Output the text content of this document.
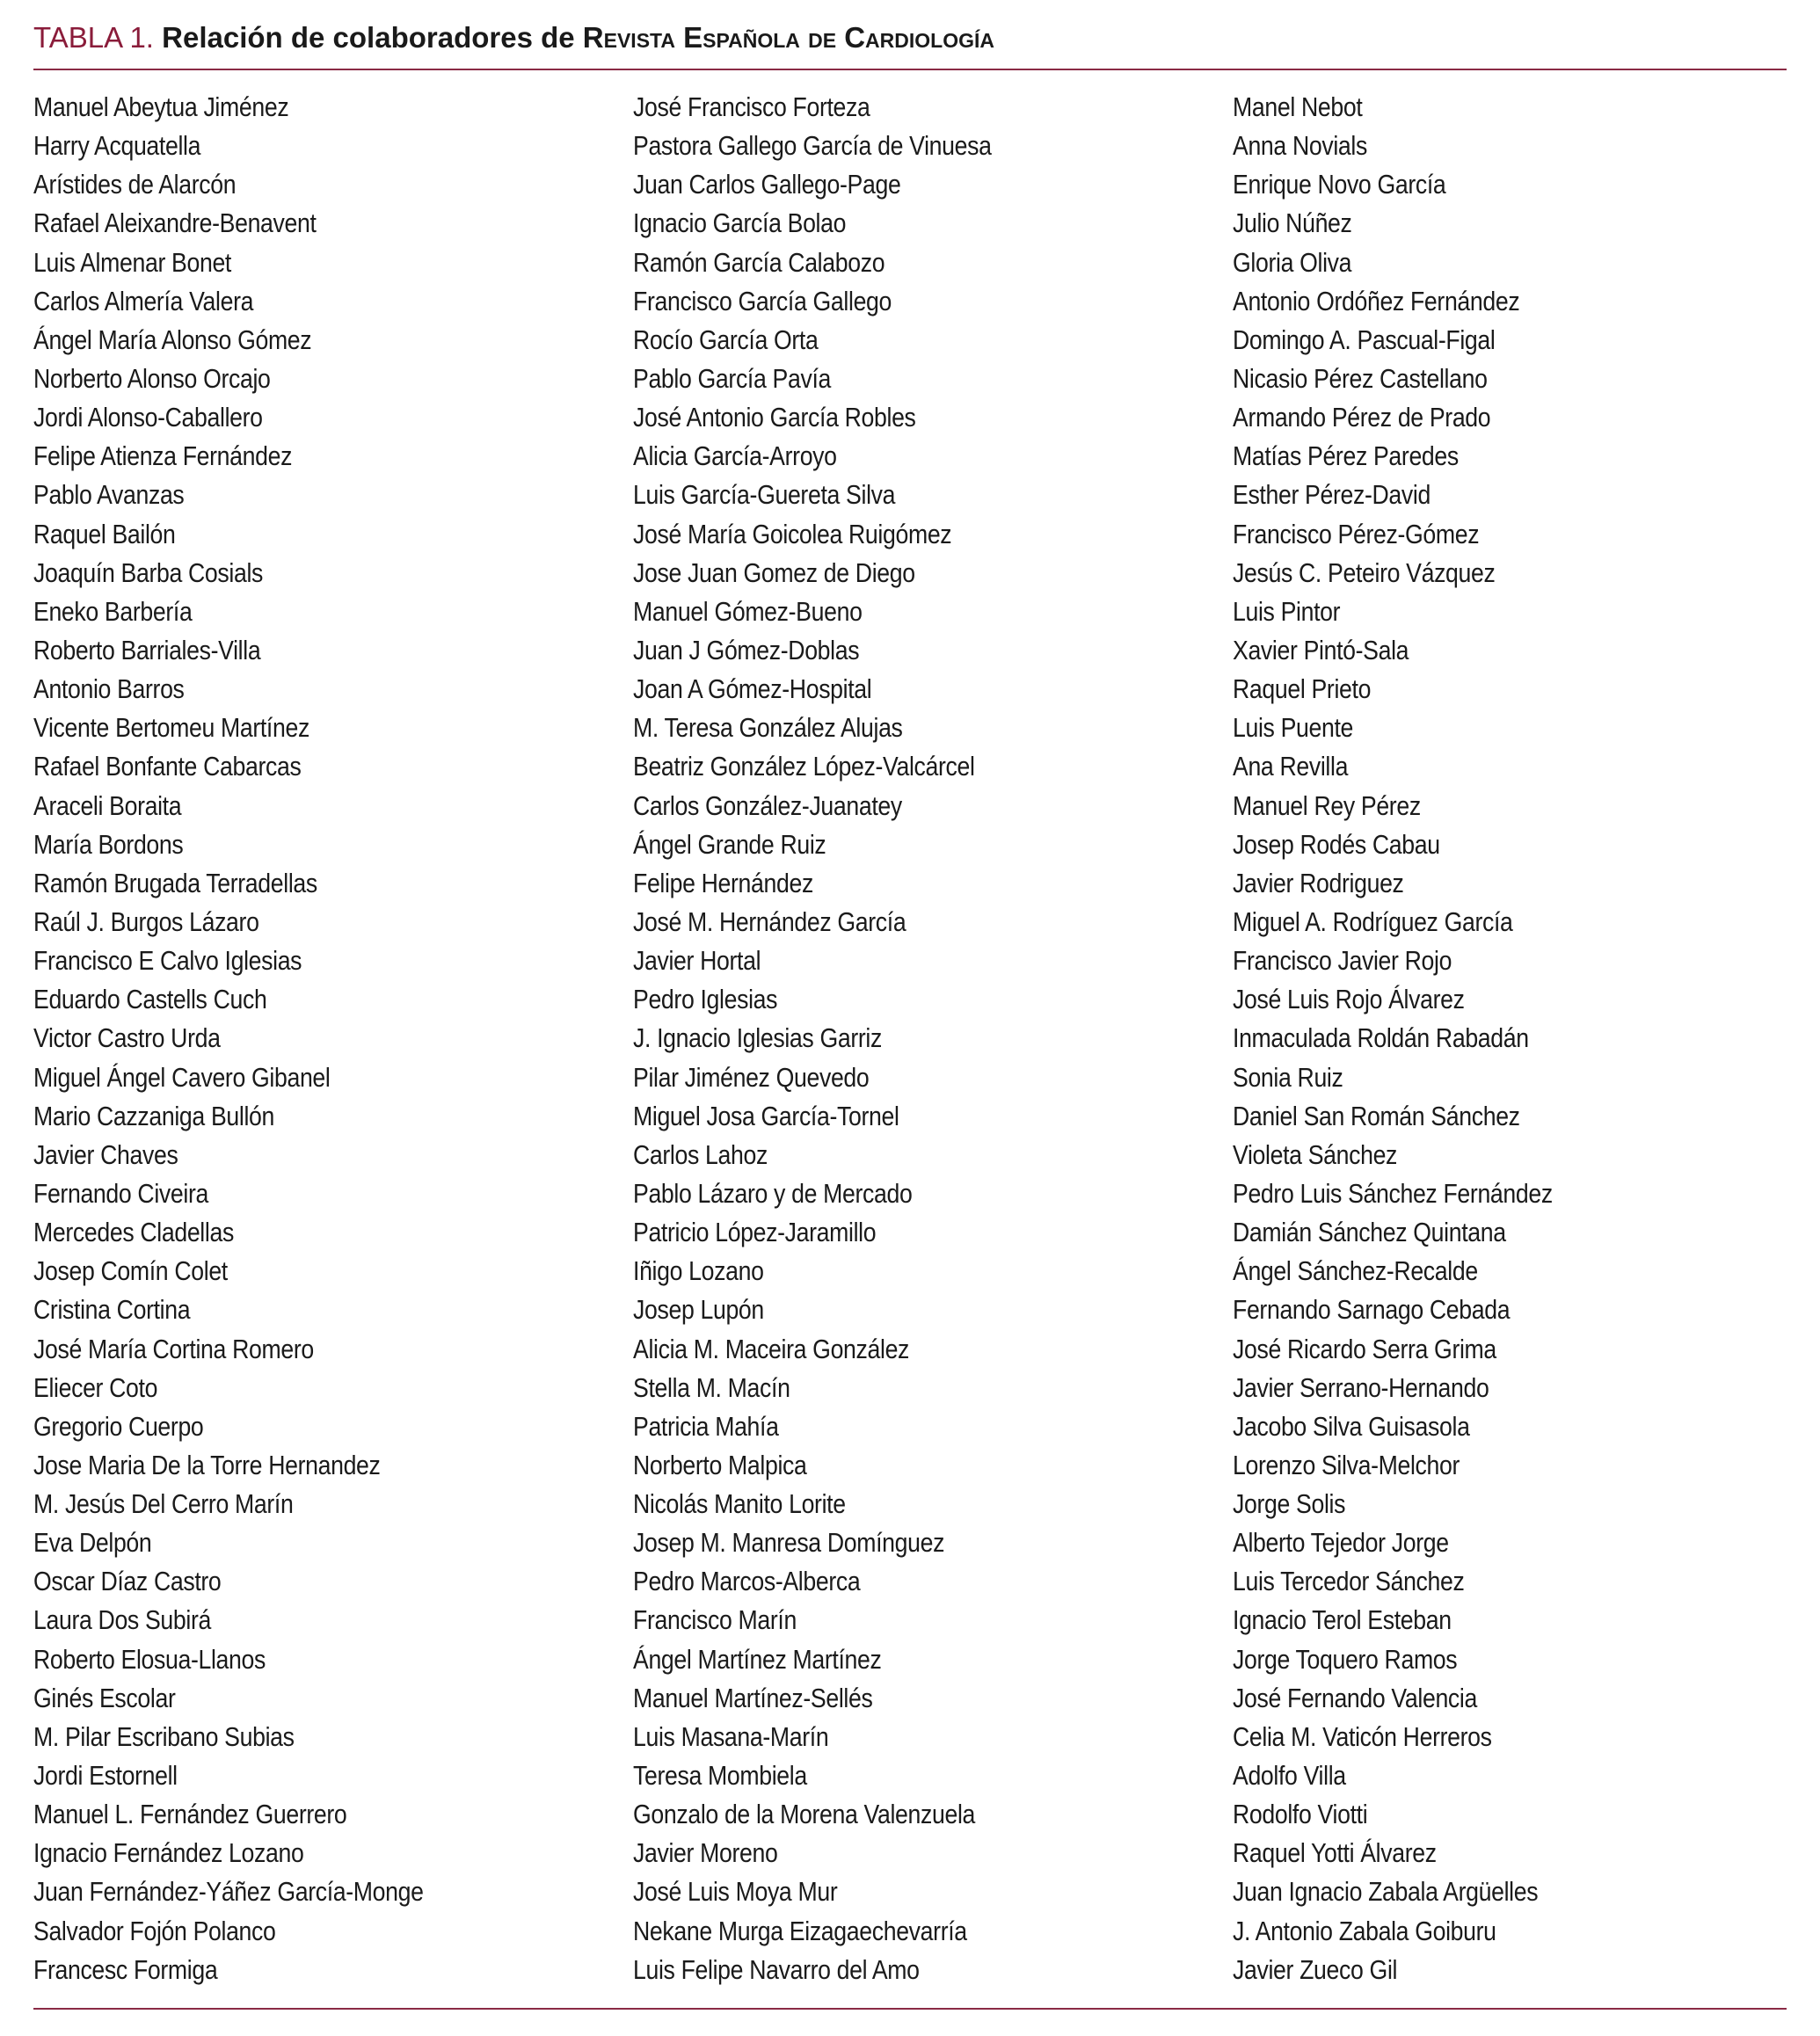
TABLA 1. Relación de colaboradores de Revista Española de Cardiología
Manuel Abeytua Jiménez
Harry Acquatella
Arístides de Alarcón
Rafael Aleixandre-Benavent
Luis Almenar Bonet
Carlos Almería Valera
Ángel María Alonso Gómez
Norberto Alonso Orcajo
Jordi Alonso-Caballero
Felipe Atienza Fernández
Pablo Avanzas
Raquel Bailón
Joaquín Barba Cosials
Eneko Barbería
Roberto Barriales-Villa
Antonio Barros
Vicente Bertomeu Martínez
Rafael Bonfante Cabarcas
Araceli Boraita
María Bordons
Ramón Brugada Terradellas
Raúl J. Burgos Lázaro
Francisco E Calvo Iglesias
Eduardo Castells Cuch
Victor Castro Urda
Miguel Ángel Cavero Gibanel
Mario Cazzaniga Bullón
Javier Chaves
Fernando Civeira
Mercedes Cladellas
Josep Comín Colet
Cristina Cortina
José María Cortina Romero
Eliecer Coto
Gregorio Cuerpo
Jose Maria De la Torre Hernandez
M. Jesús Del Cerro Marín
Eva Delpón
Oscar Díaz Castro
Laura Dos Subirá
Roberto Elosua-Llanos
Ginés Escolar
M. Pilar Escribano Subias
Jordi Estornell
Manuel L. Fernández Guerrero
Ignacio Fernández Lozano
Juan Fernández-Yáñez García-Monge
Salvador Fojón Polanco
Francesc Formiga
José Francisco Forteza
Pastora Gallego García de Vinuesa
Juan Carlos Gallego-Page
Ignacio García Bolao
Ramón García Calabozo
Francisco García Gallego
Rocío García Orta
Pablo García Pavía
José Antonio García Robles
Alicia García-Arroyo
Luis García-Guereta Silva
José María Goicolea Ruigómez
Jose Juan Gomez de Diego
Manuel Gómez-Bueno
Juan J Gómez-Doblas
Joan A Gómez-Hospital
M. Teresa González Alujas
Beatriz González López-Valcárcel
Carlos González-Juanatey
Ángel Grande Ruiz
Felipe Hernández
José M. Hernández García
Javier Hortal
Pedro Iglesias
J. Ignacio Iglesias Garriz
Pilar Jiménez Quevedo
Miguel Josa García-Tornel
Carlos Lahoz
Pablo Lázaro y de Mercado
Patricio López-Jaramillo
Iñigo Lozano
Josep Lupón
Alicia M. Maceira González
Stella M. Macín
Patricia Mahía
Norberto Malpica
Nicolás Manito Lorite
Josep M. Manresa Domínguez
Pedro Marcos-Alberca
Francisco Marín
Ángel Martínez Martínez
Manuel Martínez-Sellés
Luis Masana-Marín
Teresa Mombiela
Gonzalo de la Morena Valenzuela
Javier Moreno
José Luis Moya Mur
Nekane Murga Eizagaechevarría
Luis Felipe Navarro del Amo
Manel Nebot
Anna Novials
Enrique Novo García
Julio Núñez
Gloria Oliva
Antonio Ordóñez Fernández
Domingo A. Pascual-Figal
Nicasio Pérez Castellano
Armando Pérez de Prado
Matías Pérez Paredes
Esther Pérez-David
Francisco Pérez-Gómez
Jesús C. Peteiro Vázquez
Luis Pintor
Xavier Pintó-Sala
Raquel Prieto
Luis Puente
Ana Revilla
Manuel Rey Pérez
Josep Rodés Cabau
Javier Rodriguez
Miguel A. Rodríguez García
Francisco Javier Rojo
José Luis Rojo Álvarez
Inmaculada Roldán Rabadán
Sonia Ruiz
Daniel San Román Sánchez
Violeta Sánchez
Pedro Luis Sánchez Fernández
Damián Sánchez Quintana
Ángel Sánchez-Recalde
Fernando Sarnago Cebada
José Ricardo Serra Grima
Javier Serrano-Hernando
Jacobo Silva Guisasola
Lorenzo Silva-Melchor
Jorge Solis
Alberto Tejedor Jorge
Luis Tercedor Sánchez
Ignacio Terol Esteban
Jorge Toquero Ramos
José Fernando Valencia
Celia M. Vaticón Herreros
Adolfo Villa
Rodolfo Viotti
Raquel Yotti Álvarez
Juan Ignacio Zabala Argüelles
J. Antonio Zabala Goiburu
Javier Zueco Gil
